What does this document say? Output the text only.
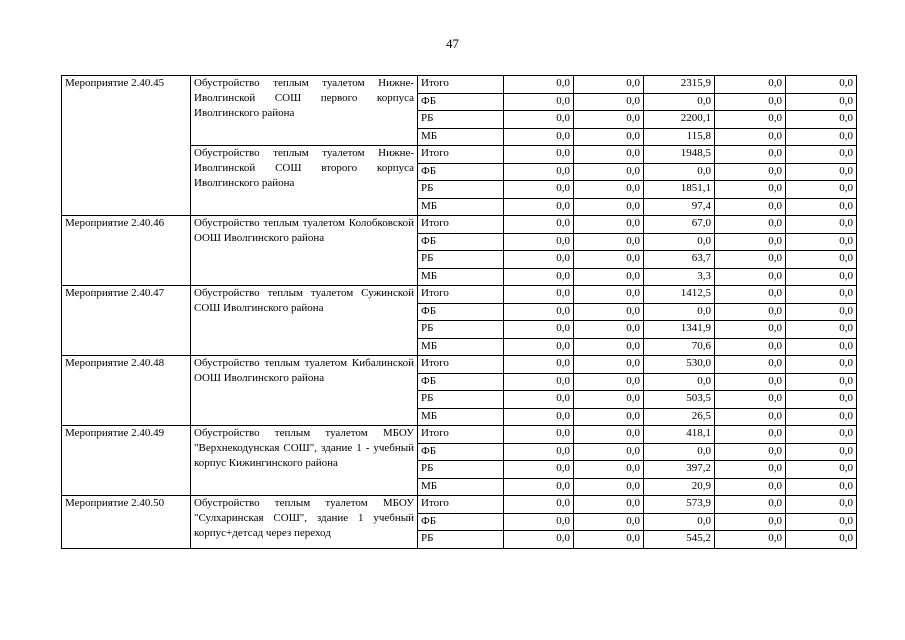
47
Мероприятие 2.40.45	Обустройство теплым туалетом Нижне-Иволгинской СОШ первого корпуса Иволгинского района	Итого	0,0	0,0	2315,9	0,0	0,0
		ФБ	0,0	0,0	0,0	0,0	0,0
		РБ	0,0	0,0	2200,1	0,0	0,0
		МБ	0,0	0,0	115,8	0,0	0,0
	Обустройство теплым туалетом Нижне-Иволгинской СОШ второго корпуса Иволгинского района	Итого	0,0	0,0	1948,5	0,0	0,0
		ФБ	0,0	0,0	0,0	0,0	0,0
		РБ	0,0	0,0	1851,1	0,0	0,0
		МБ	0,0	0,0	97,4	0,0	0,0
Мероприятие 2.40.46	Обустройство теплым туалетом Колобковской ООШ Иволгинского района	Итого	0,0	0,0	67,0	0,0	0,0
		ФБ	0,0	0,0	0,0	0,0	0,0
		РБ	0,0	0,0	63,7	0,0	0,0
		МБ	0,0	0,0	3,3	0,0	0,0
Мероприятие 2.40.47	Обустройство теплым туалетом Сужинской СОШ Иволгинского района	Итого	0,0	0,0	1412,5	0,0	0,0
		ФБ	0,0	0,0	0,0	0,0	0,0
		РБ	0,0	0,0	1341,9	0,0	0,0
		МБ	0,0	0,0	70,6	0,0	0,0
Мероприятие 2.40.48	Обустройство теплым туалетом Кибалинской ООШ Иволгинского района	Итого	0,0	0,0	530,0	0,0	0,0
		ФБ	0,0	0,0	0,0	0,0	0,0
		РБ	0,0	0,0	503,5	0,0	0,0
		МБ	0,0	0,0	26,5	0,0	0,0
Мероприятие 2.40.49	Обустройство теплым туалетом МБОУ "Верхнекодунская СОШ", здание 1 - учебный корпус Кижингинского района	Итого	0,0	0,0	418,1	0,0	0,0
		ФБ	0,0	0,0	0,0	0,0	0,0
		РБ	0,0	0,0	397,2	0,0	0,0
		МБ	0,0	0,0	20,9	0,0	0,0
Мероприятие 2.40.50	Обустройство теплым туалетом МБОУ "Сулхаринская СОШ", здание 1 учебный корпус+детсад через переход	Итого	0,0	0,0	573,9	0,0	0,0
		ФБ	0,0	0,0	0,0	0,0	0,0
		РБ	0,0	0,0	545,2	0,0	0,0
